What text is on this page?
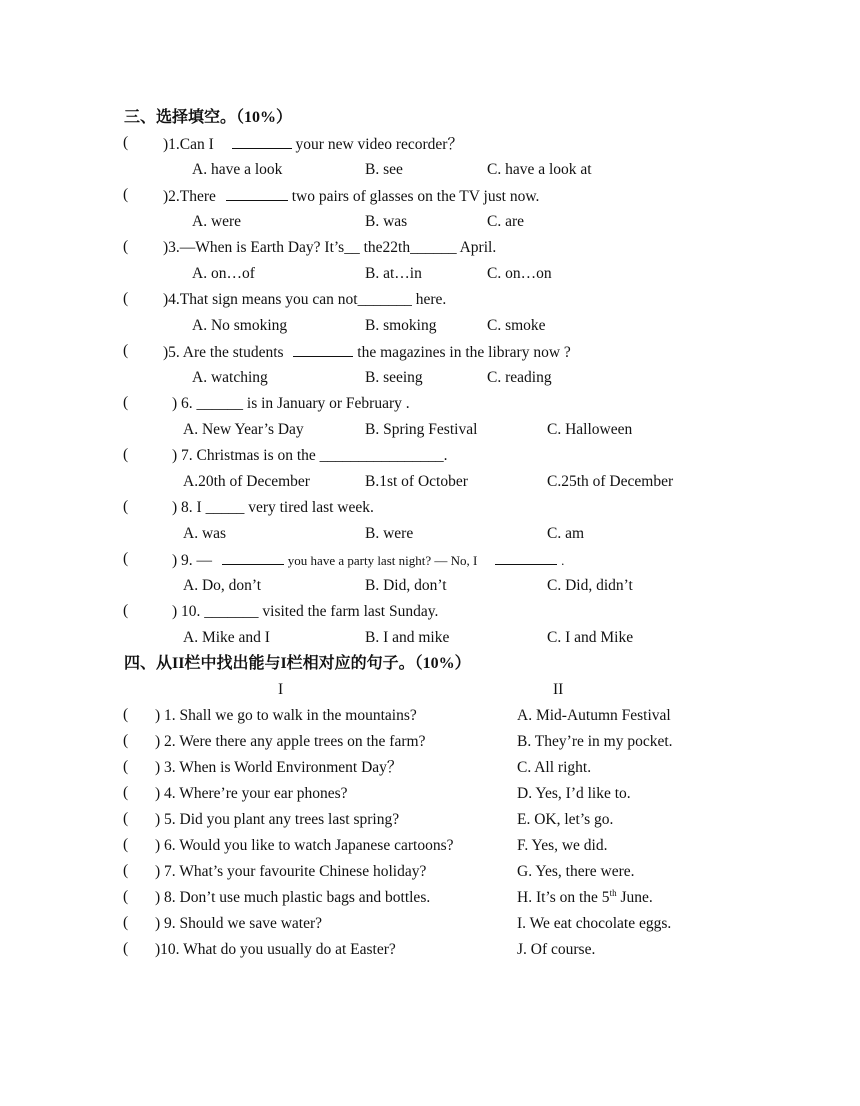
三、选择填空。（10%）
( )1.Can I	your new video recorder？
A. have a look	B. see	C. have a look at
( )2.There	two pairs of glasses on the TV just now.
A. were	B. was	C. are
( )3.—When is Earth Day? It’s__ the22th______ April.
A. on…of	B. at…in	C. on…on
( )4.That sign means you can not_______ here.
A. No smoking	B. smoking	C. smoke
( )5. Are the students	the magazines in the library now ?
A. watching	B. seeing	C. reading
(	) 6. ______ is in January or February .
A. New Year’s Day	B. Spring Festival	C. Halloween
(	) 7. Christmas is on the ________________.
A.20th of December	B.1st of October	C.25th of December
(	) 8. I _____ very tired last week.
A. was	B. were	C. am
(	) 9. —	you have a party last night? — No, I	.
A. Do, don’t	B. Did, don’t	C. Did, didn’t
(	) 10. _______ visited the farm last Sunday.
A. Mike and I	B. I and mike	C. I and Mike
四、从II栏中找出能与I栏相对应的句子。（10%）
I	II
( ) 1. Shall we go to walk in the mountains?	A. Mid-Autumn Festival
( ) 2. Were there any apple trees on the farm?	B. They’re in my pocket.
( ) 3. When is World Environment Day？	C. All right.
( ) 4. Where’re your ear phones?	D. Yes, I’d like to.
( ) 5. Did you plant any trees last spring?	E. OK, let’s go.
( ) 6. Would you like to watch Japanese cartoons?	F. Yes, we did.
( ) 7. What’s your favourite Chinese holiday?	G. Yes, there were.
( ) 8. Don’t use much plastic bags and bottles.	H. It’s on the 5th June.
( ) 9. Should we save water?	I. We eat chocolate eggs.
( )10. What do you usually do at Easter?	J. Of course.
